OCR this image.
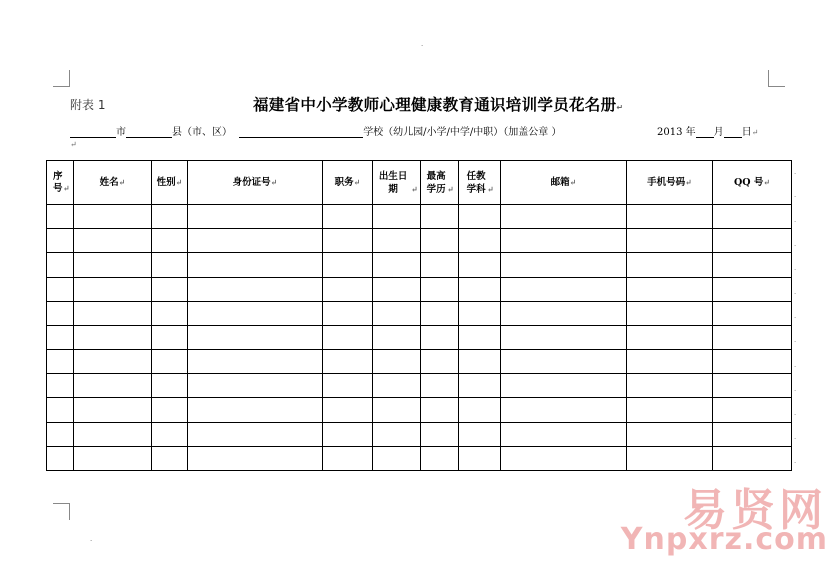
·
附表 1	福建省中小学教师心理健康教育通识培训学员花名册↵
市	县（市、区）	学校（幼儿园/小学/中学/中职）（加盖公章 ）	2013 年 月 日↵
↵
序号↵	姓名↵	性别↵	身份证号↵	职务↵	出生日期 ↵	最高学历 ↵	任教学科 ↵	邮箱↵	手机号码↵	QQ 号↵

·
·
·
·
·
·
·
·
·
·
·
·
·
·
易贤网
Ynpxrz.com
